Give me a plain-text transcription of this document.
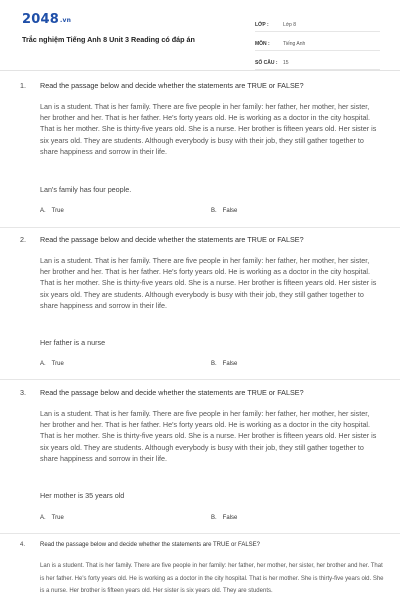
2048.vn
Trắc nghiệm Tiếng Anh 8 Unit 3 Reading có đáp án
LỚP :	Lớp 8
MÔN :	Tiếng Anh
SỐ CÂU :	15
1. Read the passage below and decide whether the statements are TRUE or FALSE?
Lan is a student. That is her family. There are five people in her family: her father, her mother, her sister, her brother and her. That is her father. He's forty years old. He is working as a doctor in the city hospital. That is her mother. She is thirty-five years old. She is a nurse. Her brother is fifteen years old. Her sister is six years old. They are students. Although everybody is busy with their job, they still gather together to share happiness and sorrow in their life.
Lan's family has four people.
A. True	B. False
2. Read the passage below and decide whether the statements are TRUE or FALSE?
Lan is a student. That is her family. There are five people in her family: her father, her mother, her sister, her brother and her. That is her father. He's forty years old. He is working as a doctor in the city hospital. That is her mother. She is thirty-five years old. She is a nurse. Her brother is fifteen years old. Her sister is six years old. They are students. Although everybody is busy with their job, they still gather together to share happiness and sorrow in their life.
Her father is a nurse
A. True	B. False
3. Read the passage below and decide whether the statements are TRUE or FALSE?
Lan is a student. That is her family. There are five people in her family: her father, her mother, her sister, her brother and her. That is her father. He's forty years old. He is working as a doctor in the city hospital. That is her mother. She is thirty-five years old. She is a nurse. Her brother is fifteen years old. Her sister is six years old. They are students. Although everybody is busy with their job, they still gather together to share happiness and sorrow in their life.
Her mother is 35 years old
A. True	B. False
4. Read the passage below and decide whether the statements are TRUE or FALSE?
Lan is a student. That is her family. There are five people in her family: her father, her mother, her sister, her brother and her. That is her father. He's forty years old. He is working as a doctor in the city hospital. That is her mother. She is thirty-five years old. She is a nurse. Her brother is fifteen years old. Her sister is six years old. They are students.
